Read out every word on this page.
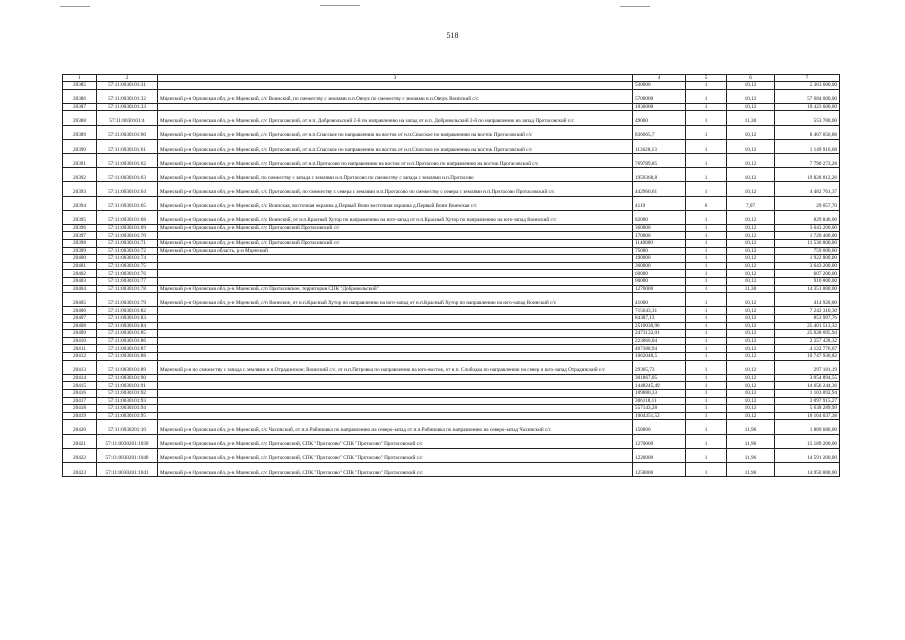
518
1	2	3	4	5	6	7
20385	57:11:0030101:31		530000	1	10,12	5 363 600,00
20386	57:11:0030101:32	Мценский р-н Орловская обл, р-н Мценский, с/с Воинский, по смежеству с землями н.п.Овчук по смежеству с землями н.п.Овчук Воинский с/с	5700000	1	10,12	57 684 000,00
20387	57:11:0030101:33		1030000	1	10,12	10 423 600,00
20388	57:11:0030101:4	Мценский р-н Орловская обл, р-н Мценский, с/с Протасовский, от н.п. Добровольский 2-й по направлению на запад от н.п. Добровольский 2-й по направлению на запад Протасовский с/с	49000	1	11,30	553 700,00
20389	57:11:0030101:60	Мценский р-н Орловская обл, р-н Мценский, с/с Протасовский, от н.п.Спасское по направлению на восток от н.п.Спасское по направлению на восток Протасовский с/с	836665,7	1	10,12	8 467 056,88
20390	57:11:0030101:61	Мценский р-н Орловская обл, р-н Мценский, с/с Протасовский, от н.п.Спасское по направлению на восток от н.п.Спасское по направлению на восток Протасовский с/с	113628,13	1	10,12	1 149 916,68
20391	57:11:0030101:62	Мценский р-н Орловская обл, р-н Мценский, с/с Протасовский, от н.п.Протасово по направлению на восток от н.п.Протасово по направлению на восток Протасовский с/с	769789,85	1	10,12	7 790 273,28
20392	57:11:0030101:63	Мценский р-н Орловская обл, р-н Мценский, по смежеству с запада с землями н.п.Протасово по смежеству с запада с землями н.п.Протасово	1959368,8	1	10,12	19 828 812,26
20393	57:11:0030101:64	Мценский р-н Орловская обл, р-н Мценский, с/с Протасовский, по смежеству с севера с землями н.п.Протасово по смежеству с севера с землями н.п.Протасово Протасовский с/с	442960,61	1	10,12	4 482 761,37
20394	57:11:0030101:65	Мценский р-н Орловская обл, р-н Мценский, с/с Воинская, восточная окраина д.Первый Воин восточная окраина д.Первый Воин Воинская с/с	4110	6	7,07	29 057,70
20395	57:11:0030101:68	Мценский р-н Орловская обл, р-н Мценский, с/с Воинский, от н.п.Красный Хутор по направлению на юго-запад от н.п.Красный Хутор по направлению на юго-запад Воинский с/с	82000	1	10,12	829 840,00
20396	57:11:0030101:69	Мценский р-н Орловская обл, р-н Мценский, с/с Протасовский Протасовский с/с	360000	1	10,12	3 643 200,00
20397	57:11:0030101:70		170000	1	10,12	1 720 400,00
20398	57:11:0030101:71	Мценский р-н Орловская обл, р-н Мценский, с/с Протасовский Протасовский с/с	1140000	1	10,12	11 536 800,00
20399	57:11:0030101:72	Мценский р-н Орловская область, р-н Мценский	75000	1	10,12	759 000,00
20400	57:11:0030101:74		190000	1	10,12	1 922 800,00
20401	57:11:0030101:75		360000	1	10,12	3 643 200,00
20402	57:11:0030101:76		60000	1	10,12	607 200,00
20403	57:11:0030101:77		90000	1	10,12	910 800,00
20404	57:11:0030101:78	Мценский р-н Орловская обл, р-н Мценский, с/п Протасовское, территория СПК "Добровольский"	1270000	1	11,30	14 351 000,00
20405	57:11:0030101:79	Мценский р-н Орловская обл, р-н Мценский, с/п Воинское, от н.п.Красный Хутор по направлению на юго-запад от н.п.Красный Хутор по направлению на юго-запад Воинский с/с	41000	1	10,12	414 920,00
20406	57:11:0030101:82		715643,31	1	10,12	7 242 310,30
20407	57:11:0030101:83		84387,13	1	10,12	853 997,76
20408	57:11:0030101:84		2510030,96	1	10,12	25 401 513,32
20409	57:11:0030101:85		2473132,01	1	10,12	25 028 095,94
20410	57:11:0030101:86		223066,04	1	10,12	2 257 428,32
20411	57:11:0030101:87		407388,94	1	10,12	4 122 776,07
20412	57:11:0030101:88		1062048,5	1	10,12	10 747 930,82
20413	57:11:0030101:89	Мценский р-н по смежеству с запада с землями н.п.Отрадинское; Воинский с/с, от н.п.Петровка по направлению на юго-восток, от н.п. Слободка по направлению на север и юго-запад Отрадинский с/с	29365,73	1	10,12	297 181,19
20414	57:11:0030101:90		301867,05	1	10,12	3 054 894,55
20415	57:11:0030101:91		1448245,49	1	10,12	14 656 244,36
20416	57:11:0030101:92		109080,33	1	10,12	1 103 892,94
20417	57:11:0030101:93		306118,11	1	10,12	3 097 915,27
20418	57:11:0030101:94		557143,28	1	10,12	5 638 289,99
20419	57:11:0030101:95		1004351,52	1	10,12	10 164 037,38
20420	57:11:0030201:10	Мценский р-н Орловская обл, р-н Мценский, с/с Чахинский, от н.п.Рабиновка по направлению на северо-запад от н.п.Рабиновка по направлению на северо-запад Чахинский с/с	158000	1	11,96	1 889 680,00
20421	57:11:0030201:1039	Мценский р-н Орловская обл, р-н Мценский, с/с Протасовский, СПК "Протасово" СПК "Протасово" Протасовский с/с	1270000	1	11,96	15 189 200,00
20422	57:11:0030201:1040	Мценский р-н Орловская обл, р-н Мценский, с/с Протасовский, СПК "Протасово" СПК "Протасово" Протасовский с/с	1220000	1	11,96	14 591 200,00
20423	57:11:0030201:1041	Мценский р-н Орловская обл, р-н Мценский, с/с Протасовский, СПК "Протасово" СПК "Протасово" Протасовский с/с	1250000	1	11,96	14 950 000,00
